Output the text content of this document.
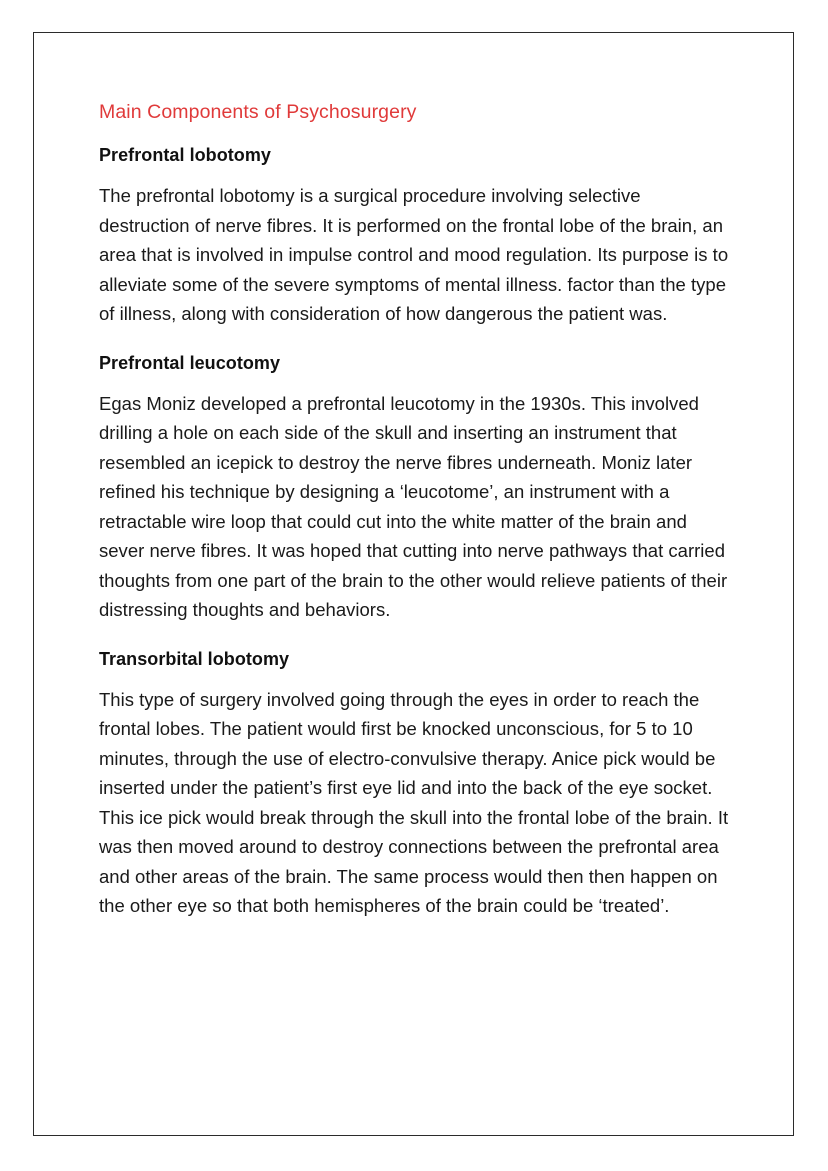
Main Components of Psychosurgery
Prefrontal lobotomy

The prefrontal lobotomy is a surgical procedure involving selective destruction of nerve fibres. It is performed on the frontal lobe of the brain, an area that is involved in impulse control and mood regulation. Its purpose is to alleviate some of the severe symptoms of mental illness. factor than the type of illness, along with consideration of how dangerous the patient was.

Prefrontal leucotomy

Egas Moniz developed a prefrontal leucotomy in the 1930s. This involved drilling a hole on each side of the skull and inserting an instrument that resembled an icepick to destroy the nerve fibres underneath. Moniz later refined his technique by designing a ‘leucotome’, an instrument with a retractable wire loop that could cut into the white matter of the brain and sever nerve fibres. It was hoped that cutting into nerve pathways that carried thoughts from one part of the brain to the other would relieve patients of their distressing thoughts and behaviors.

Transorbital lobotomy

This type of surgery involved going through the eyes in order to reach the frontal lobes. The patient would first be knocked unconscious, for 5 to 10 minutes, through the use of electro-convulsive therapy. Anice pick would be inserted under the patient’s first eye lid and into the back of the eye socket. This ice pick would break through the skull into the frontal lobe of the brain. It was then moved around to destroy connections between the prefrontal area and other areas of the brain. The same process would then then happen on the other eye so that both hemispheres of the brain could be ‘treated’.
